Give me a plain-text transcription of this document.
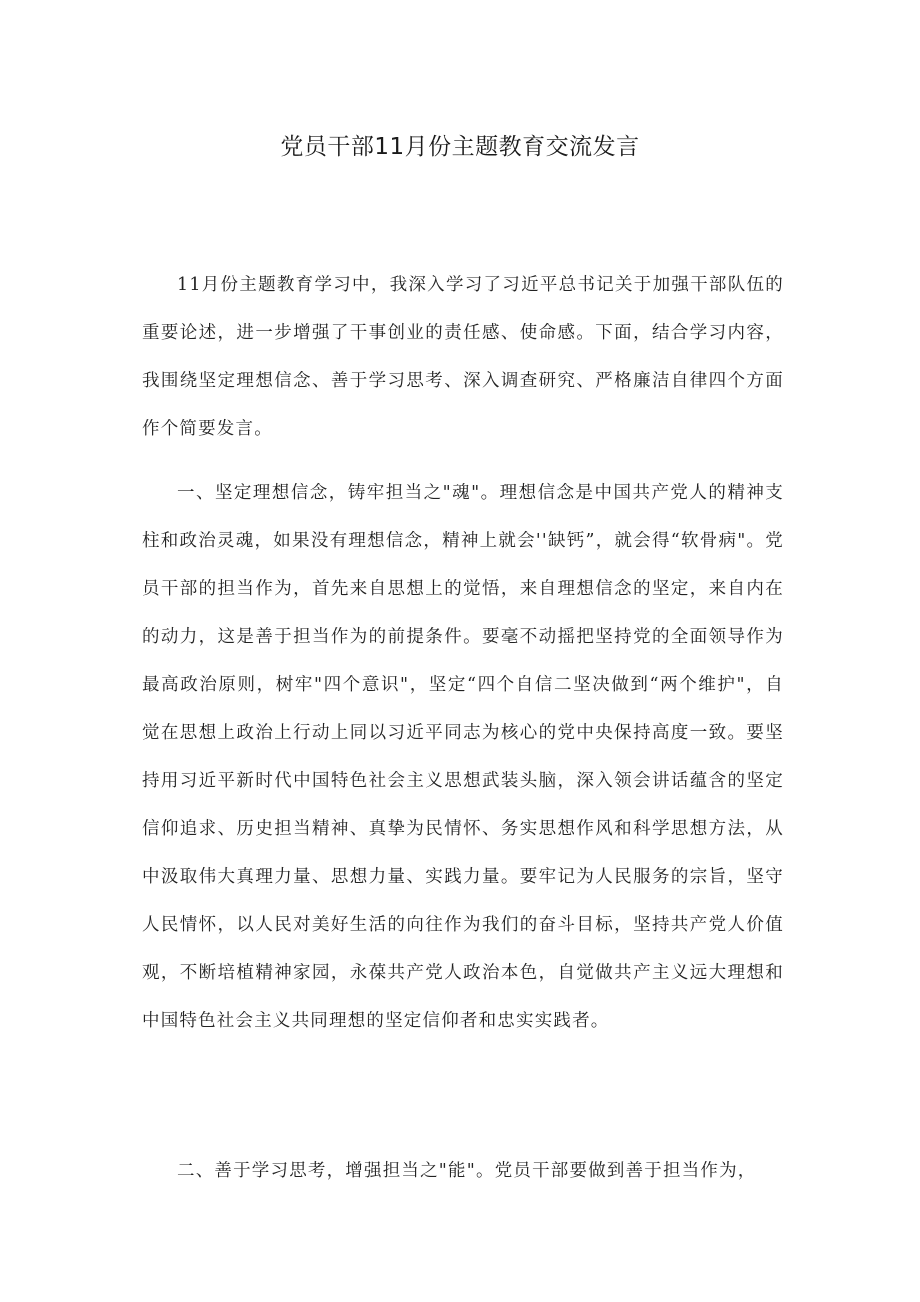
党员干部11月份主题教育交流发言

11月份主题教育学习中，我深入学习了习近平总书记关于加强干部队伍的重要论述，进一步增强了干事创业的责任感、使命感。下面，结合学习内容，我围绕坚定理想信念、善于学习思考、深入调查研究、严格廉洁自律四个方面作个简要发言。

一、坚定理想信念，铸牢担当之"魂"。理想信念是中国共产党人的精神支柱和政治灵魂，如果没有理想信念，精神上就会''缺钙”，就会得“软骨病"。党员干部的担当作为，首先来自思想上的觉悟，来自理想信念的坚定，来自内在的动力，这是善于担当作为的前提条件。要毫不动摇把坚持党的全面领导作为最高政治原则，树牢"四个意识"，坚定“四个自信二坚决做到“两个维护"，自觉在思想上政治上行动上同以习近平同志为核心的党中央保持高度一致。要坚持用习近平新时代中国特色社会主义思想武装头脑，深入领会讲话蕴含的坚定信仰追求、历史担当精神、真挚为民情怀、务实思想作风和科学思想方法，从中汲取伟大真理力量、思想力量、实践力量。要牢记为人民服务的宗旨，坚守人民情怀，以人民对美好生活的向往作为我们的奋斗目标，坚持共产党人价值观，不断培植精神家园，永葆共产党人政治本色，自觉做共产主义远大理想和中国特色社会主义共同理想的坚定信仰者和忠实实践者。

二、善于学习思考，增强担当之"能"。党员干部要做到善于担当作为，
